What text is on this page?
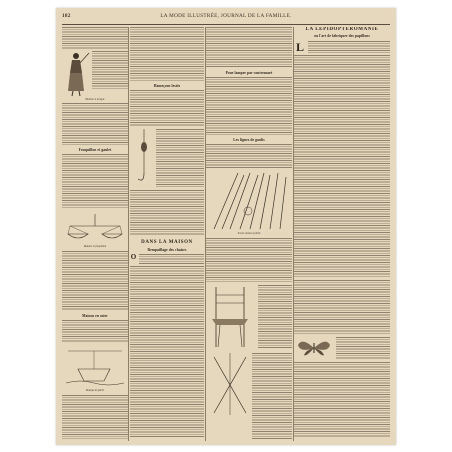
182	LA MODE ILLUSTRÉE, JOURNAL DE LA FAMILLE.
Pêcheur à la ligne
Fouquillon et gaulet
Balance et fouquillon
Maison en osier
Manège de pêche
Hameçons lestés
DANS LA MAISON
Rempaillage des chaises
O
Pour lamper par contremaré
Les lignes de gaulis
Jeu de cannes à pêche
LA LÉPIDOPTÉROMANIE
ou l'art de fabriquer des papillons
L
